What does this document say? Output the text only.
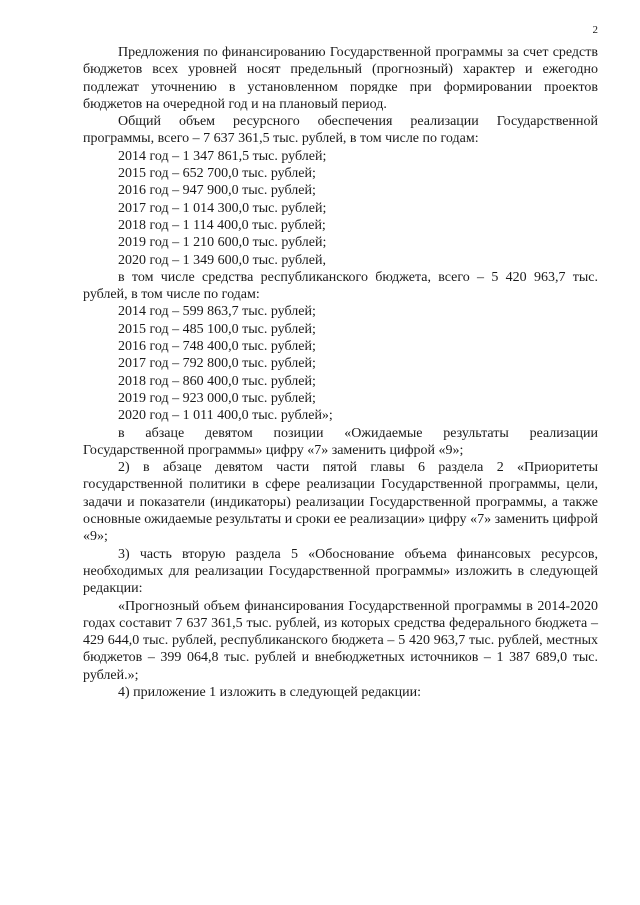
2

Предложения по финансированию Государственной программы за счет средств бюджетов всех уровней носят предельный (прогнозный) характер и ежегодно подлежат уточнению в установленном порядке при формировании проектов бюджетов на очередной год и на плановый период.

Общий объем ресурсного обеспечения реализации Государственной программы, всего – 7 637 361,5 тыс. рублей, в том числе по годам:

2014 год – 1 347 861,5 тыс. рублей;

2015 год – 652 700,0 тыс. рублей;

2016 год – 947 900,0 тыс. рублей;

2017 год – 1 014 300,0 тыс. рублей;

2018 год – 1 114 400,0 тыс. рублей;

2019 год – 1 210 600,0 тыс. рублей;

2020 год – 1 349 600,0 тыс. рублей,

в том числе средства республиканского бюджета, всего – 5 420 963,7 тыс. рублей, в том числе по годам:

2014 год – 599 863,7 тыс. рублей;

2015 год – 485 100,0 тыс. рублей;

2016 год – 748 400,0 тыс. рублей;

2017 год – 792 800,0 тыс. рублей;

2018 год – 860 400,0 тыс. рублей;

2019 год – 923 000,0 тыс. рублей;

2020 год – 1 011 400,0 тыс. рублей»;

в абзаце девятом позиции «Ожидаемые результаты реализации Государственной программы» цифру «7» заменить цифрой «9»;

2) в абзаце девятом части пятой главы 6 раздела 2 «Приоритеты государственной политики в сфере реализации Государственной программы, цели, задачи и показатели (индикаторы) реализации Государственной программы, а также основные ожидаемые результаты и сроки ее реализации» цифру «7» заменить цифрой «9»;

3) часть вторую раздела 5 «Обоснование объема финансовых ресурсов, необходимых для реализации Государственной программы» изложить в следующей редакции:

«Прогнозный объем финансирования Государственной программы в 2014-2020 годах составит 7 637 361,5 тыс. рублей, из которых средства федерального бюджета – 429 644,0 тыс. рублей, республиканского бюджета – 5 420 963,7 тыс. рублей, местных бюджетов – 399 064,8 тыс. рублей и внебюджетных источников – 1 387 689,0 тыс. рублей.»;

4) приложение 1 изложить в следующей редакции:
